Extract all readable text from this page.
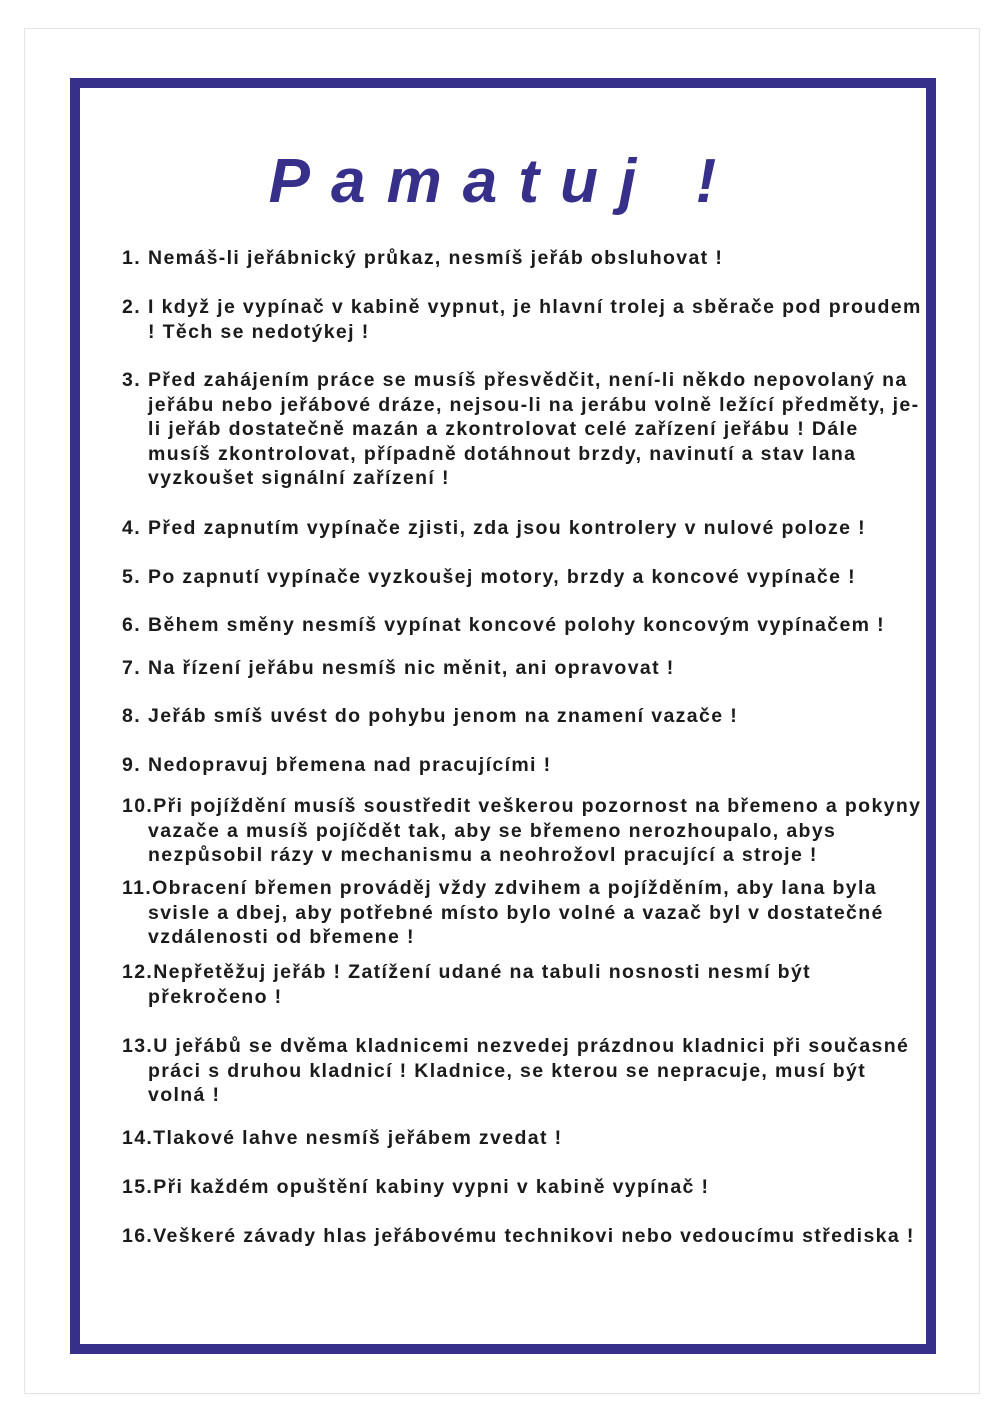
Pamatuj !
1. Nemáš-li jeřábnický průkaz, nesmíš jeřáb obsluhovat !
2. I když je vypínač v kabině vypnut, je hlavní trolej a sběrače pod proudem ! Těch se nedotýkej !
3. Před zahájením práce se musíš přesvědčit, není-li někdo nepovolaný na jeřábu nebo jeřábové dráze, nejsou-li na jerábu volně ležící předměty, je-li jeřáb dostatečně mazán a zkontrolovat celé zařízení jeřábu ! Dále musíš zkontrolovat, případně dotáhnout brzdy, navinutí a stav lana vyzkoušet signální zařízení !
4. Před zapnutím vypínače zjisti, zda jsou kontrolery v nulové poloze !
5. Po zapnutí vypínače vyzkoušej motory, brzdy a koncové vypínače !
6. Během směny nesmíš vypínat koncové polohy koncovým vypínačem !
7. Na řízení jeřábu nesmíš nic měnit, ani opravovat !
8. Jeřáb smíš uvést do pohybu jenom na znamení vazače !
9. Nedopravuj břemena nad pracujícími !
10.Při pojíždění musíš soustředit veškerou pozornost na břemeno a pokyny vazače a musíš pojíčdět tak, aby se břemeno nerozhoupalo, abys nezpůsobil rázy v mechanismu a neohrožovl pracující a stroje !
11.Obracení břemen prováděj vždy zdvihem a pojížděním, aby lana byla svisle a dbej, aby potřebné místo bylo volné a vazač byl v dostatečné vzdálenosti od břemene !
12.Nepřetěžuj jeřáb ! Zatížení udané na tabuli nosnosti nesmí být překročeno !
13.U jeřábů se dvěma kladnicemi nezvedej prázdnou kladnici při současné práci s druhou kladnicí ! Kladnice, se kterou se nepracuje, musí být volná !
14.Tlakové lahve nesmíš jeřábem zvedat !
15.Při každém opuštění kabiny vypni v kabině vypínač !
16.Veškeré závady hlas jeřábovému technikovi nebo vedoucímu střediska !
